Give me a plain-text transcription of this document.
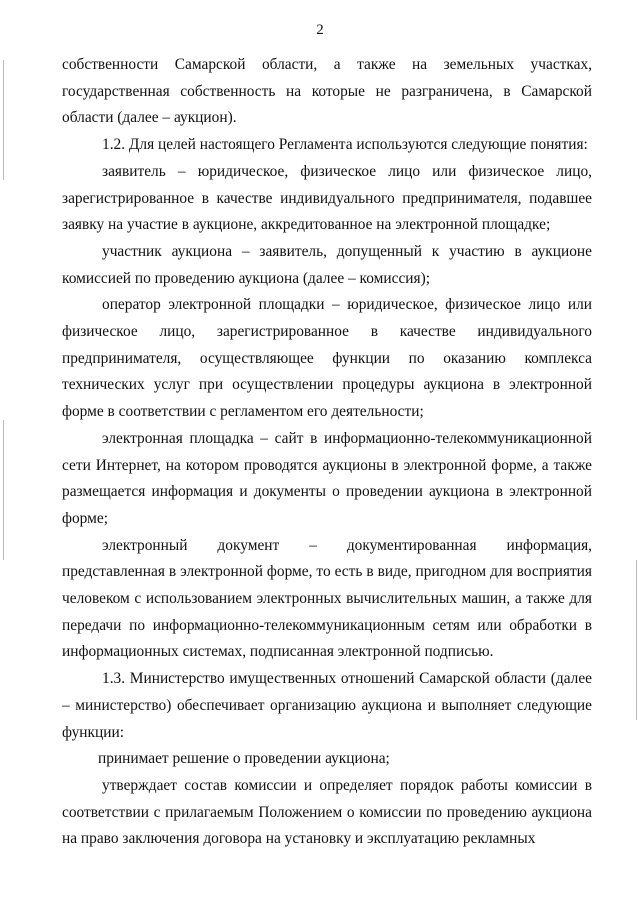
2

собственности Самарской области, а также на земельных участках, государственная собственность на которые не разграничена, в Самарской области (далее – аукцион).

1.2. Для целей настоящего Регламента используются следующие понятия:

заявитель – юридическое, физическое лицо или физическое лицо, зарегистрированное в качестве индивидуального предпринимателя, подавшее заявку на участие в аукционе, аккредитованное на электронной площадке;

участник аукциона – заявитель, допущенный к участию в аукционе комиссией по проведению аукциона (далее – комиссия);

оператор электронной площадки – юридическое, физическое лицо или физическое лицо, зарегистрированное в качестве индивидуального предпринимателя, осуществляющее функции по оказанию комплекса технических услуг при осуществлении процедуры аукциона в электронной форме в соответствии с регламентом его деятельности;

электронная площадка – сайт в информационно-телекоммуникационной сети Интернет, на котором проводятся аукционы в электронной форме, а также размещается информация и документы о проведении аукциона в электронной форме;

электронный документ – документированная информация, представленная в электронной форме, то есть в виде, пригодном для восприятия человеком с использованием электронных вычислительных машин, а также для передачи по информационно-телекоммуникационным сетям или обработки в информационных системах, подписанная электронной подписью.

1.3. Министерство имущественных отношений Самарской области (далее – министерство) обеспечивает организацию аукциона и выполняет следующие функции:

принимает решение о проведении аукциона;

утверждает состав комиссии и определяет порядок работы комиссии в соответствии с прилагаемым Положением о комиссии по проведению аукциона на право заключения договора на установку и эксплуатацию рекламных
